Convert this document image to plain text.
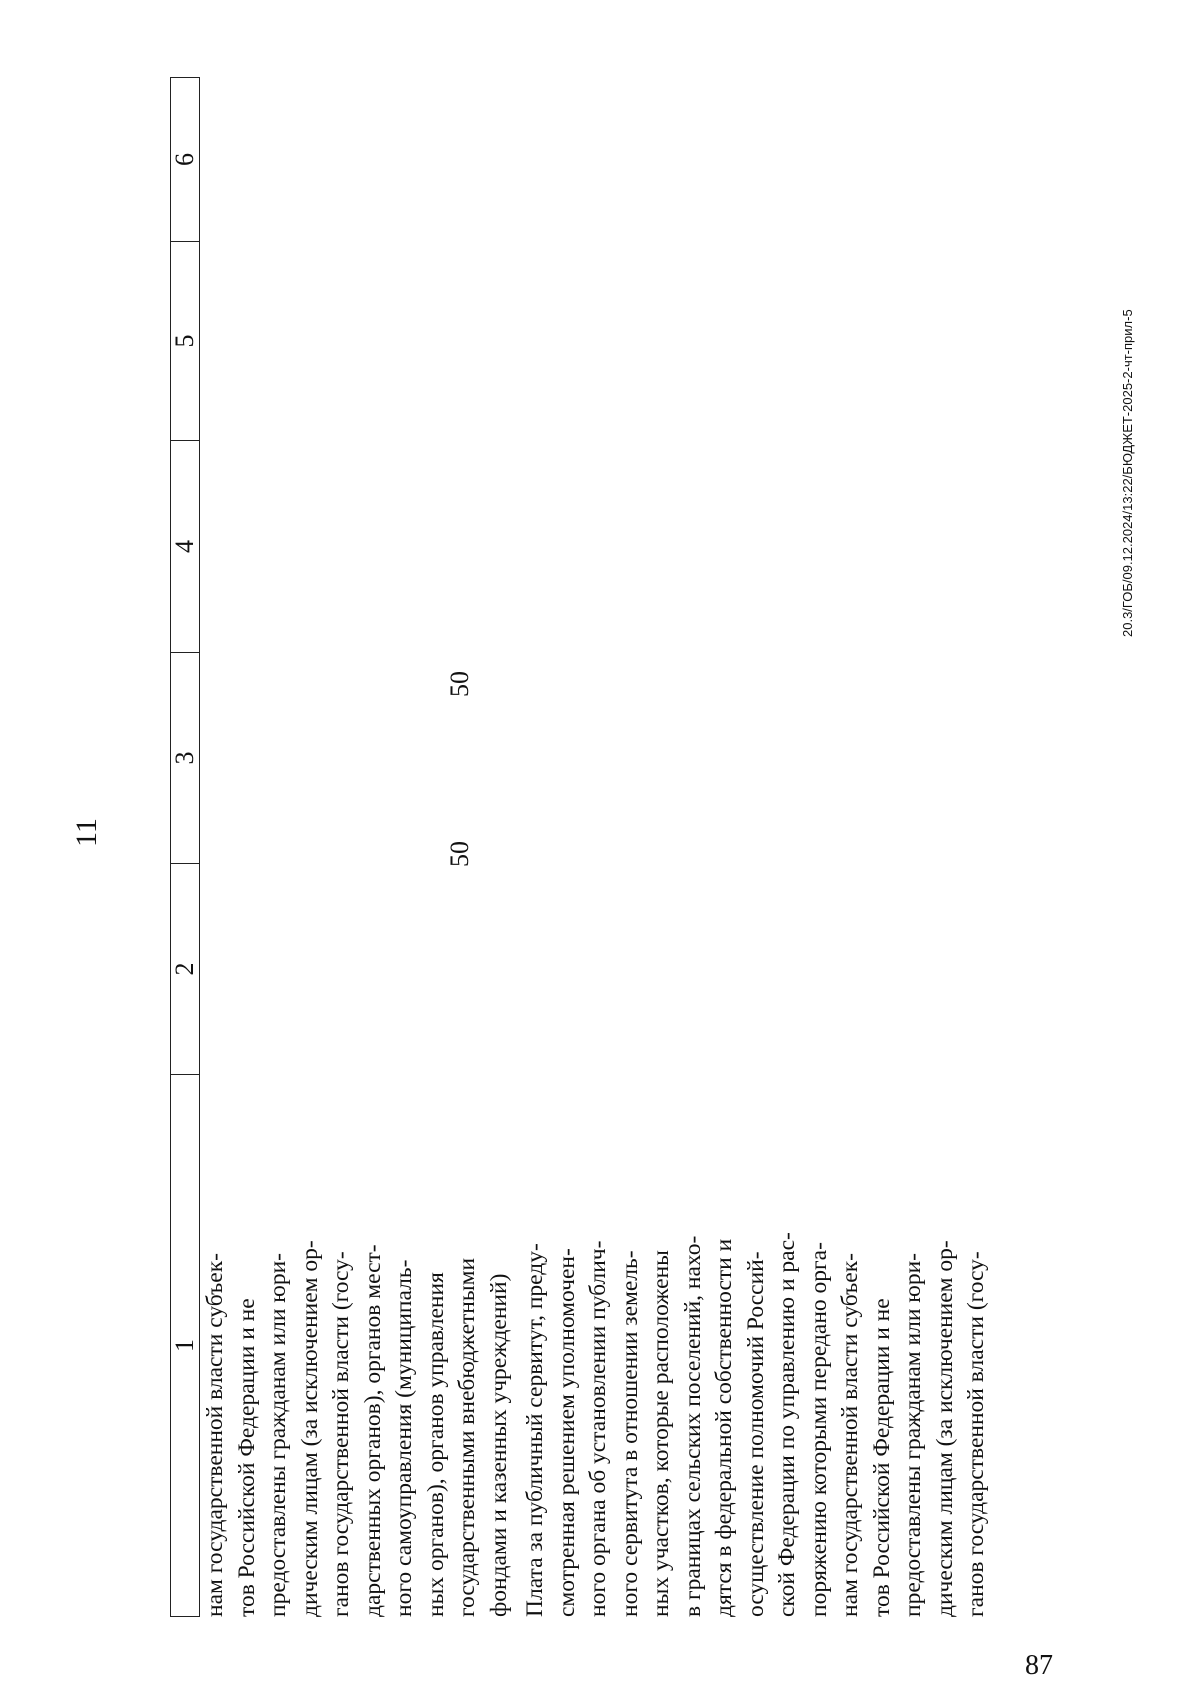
11
1
2
3
4
5
6

нам государственной власти субъек- тов Российской Федерации и не предоставлены гражданам или юри- дическим лицам (за исключением ор- ганов государственной власти (госу- дарственных органов), органов мест- ного самоуправления (муниципаль- ных органов), органов управления государственными внебюджетными фондами и казенных учреждений)

50
50

Плата за публичный сервитут, преду- смотренная решением уполномочен- ного органа об установлении публич- ного сервитута в отношении земель- ных участков, которые расположены в границах сельских поселений, нахо- дятся в федеральной собственности и осуществление полномочий Россий- ской Федерации по управлению и рас- поряжению которыми передано орга- нам государственной власти субъек- тов Российской Федерации и не предоставлены гражданам или юри- дическим лицам (за исключением ор- ганов государственной власти (госу-

20.3/ГОБ/09.12.2024/13:22/БЮДЖЕТ-2025-2-чт-прил-5
87
